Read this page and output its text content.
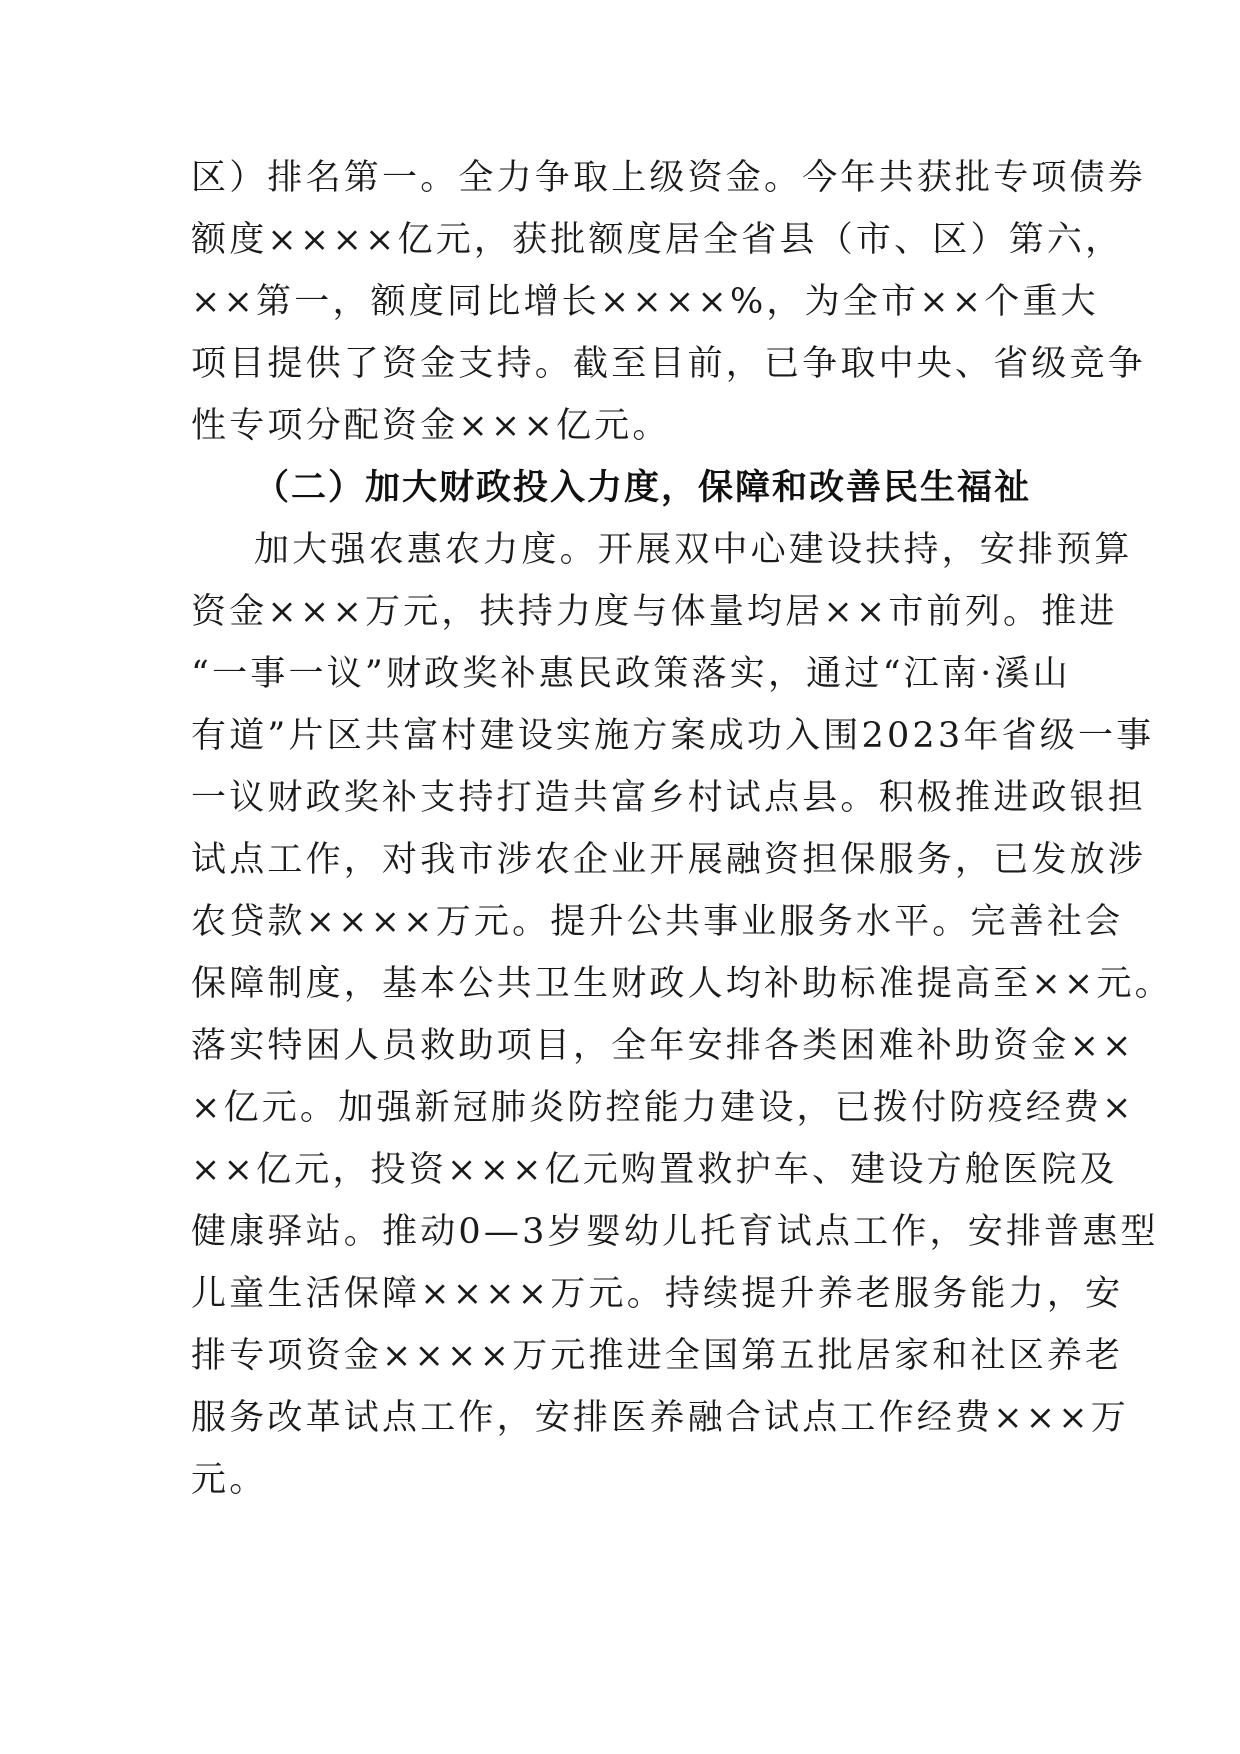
区）排名第一。全力争取上级资金。今年共获批专项债券
额度××××亿元，获批额度居全省县（市、区）第六，
××第一，额度同比增长××××%，为全市××个重大
项目提供了资金支持。截至目前，已争取中央、省级竞争
性专项分配资金×××亿元。
（二）加大财政投入力度，保障和改善民生福祉
加大强农惠农力度。开展双中心建设扶持，安排预算
资金×××万元，扶持力度与体量均居××市前列。推进
“一事一议”财政奖补惠民政策落实，通过“江南·溪山
有道”片区共富村建设实施方案成功入围2023年省级一事
一议财政奖补支持打造共富乡村试点县。积极推进政银担
试点工作，对我市涉农企业开展融资担保服务，已发放涉
农贷款××××万元。提升公共事业服务水平。完善社会
保障制度，基本公共卫生财政人均补助标准提高至××元。
落实特困人员救助项目，全年安排各类困难补助资金××
×亿元。加强新冠肺炎防控能力建设，已拨付防疫经费×
××亿元，投资×××亿元购置救护车、建设方舱医院及
健康驿站。推动0—3岁婴幼儿托育试点工作，安排普惠型
儿童生活保障××××万元。持续提升养老服务能力，安
排专项资金××××万元推进全国第五批居家和社区养老
服务改革试点工作，安排医养融合试点工作经费×××万
元。
